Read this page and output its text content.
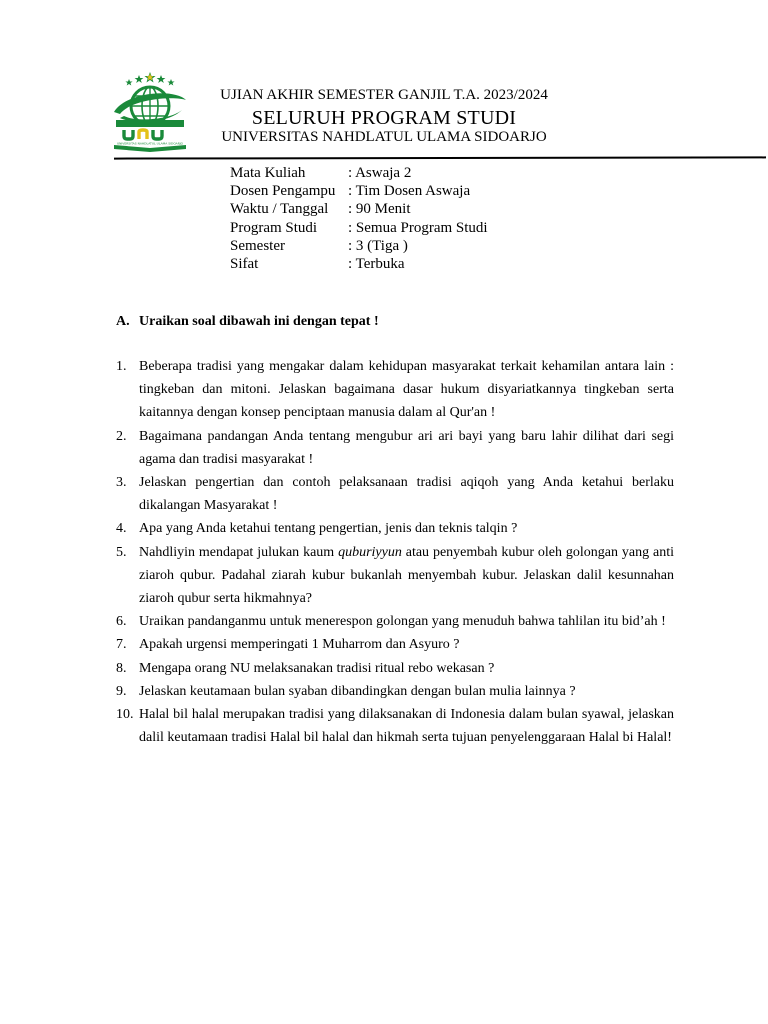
UNIVERSITAS NAHDLATUL ULAMA SIDOARJO
UJIAN AKHIR SEMESTER GANJIL T.A. 2023/2024
SELURUH PROGRAM STUDI
UNIVERSITAS NAHDLATUL ULAMA SIDOARJO
Mata Kuliah	: Aswaja 2
Dosen Pengampu	: Tim Dosen Aswaja
Waktu / Tanggal	: 90 Menit
Program Studi	: Semua Program Studi
Semester	: 3 (Tiga )
Sifat	: Terbuka
A. Uraikan soal dibawah ini dengan tepat !
1. Beberapa tradisi yang mengakar dalam kehidupan masyarakat terkait kehamilan antara lain : tingkeban dan mitoni. Jelaskan bagaimana dasar hukum disyariatkannya tingkeban serta kaitannya dengan konsep penciptaan manusia dalam al Qur'an !
2. Bagaimana pandangan Anda tentang mengubur ari ari bayi yang baru lahir dilihat dari segi agama dan tradisi masyarakat !
3. Jelaskan pengertian dan contoh pelaksanaan tradisi aqiqoh yang Anda ketahui berlaku dikalangan Masyarakat !
4. Apa yang Anda ketahui tentang pengertian, jenis dan teknis talqin ?
5. Nahdliyin mendapat julukan kaum quburiyyun atau penyembah kubur oleh golongan yang anti ziaroh qubur. Padahal ziarah kubur bukanlah menyembah kubur. Jelaskan dalil kesunnahan ziaroh qubur serta hikmahnya?
6. Uraikan pandanganmu untuk menerespon golongan yang menuduh bahwa tahlilan itu bid’ah !
7. Apakah urgensi memperingati 1 Muharrom dan Asyuro ?
8. Mengapa orang NU melaksanakan tradisi ritual rebo wekasan ?
9. Jelaskan keutamaan bulan syaban dibandingkan dengan bulan mulia lainnya ?
10. Halal bil halal merupakan tradisi yang dilaksanakan di Indonesia dalam bulan syawal, jelaskan dalil keutamaan tradisi Halal bil halal dan hikmah serta tujuan penyelenggaraan Halal bi Halal!
